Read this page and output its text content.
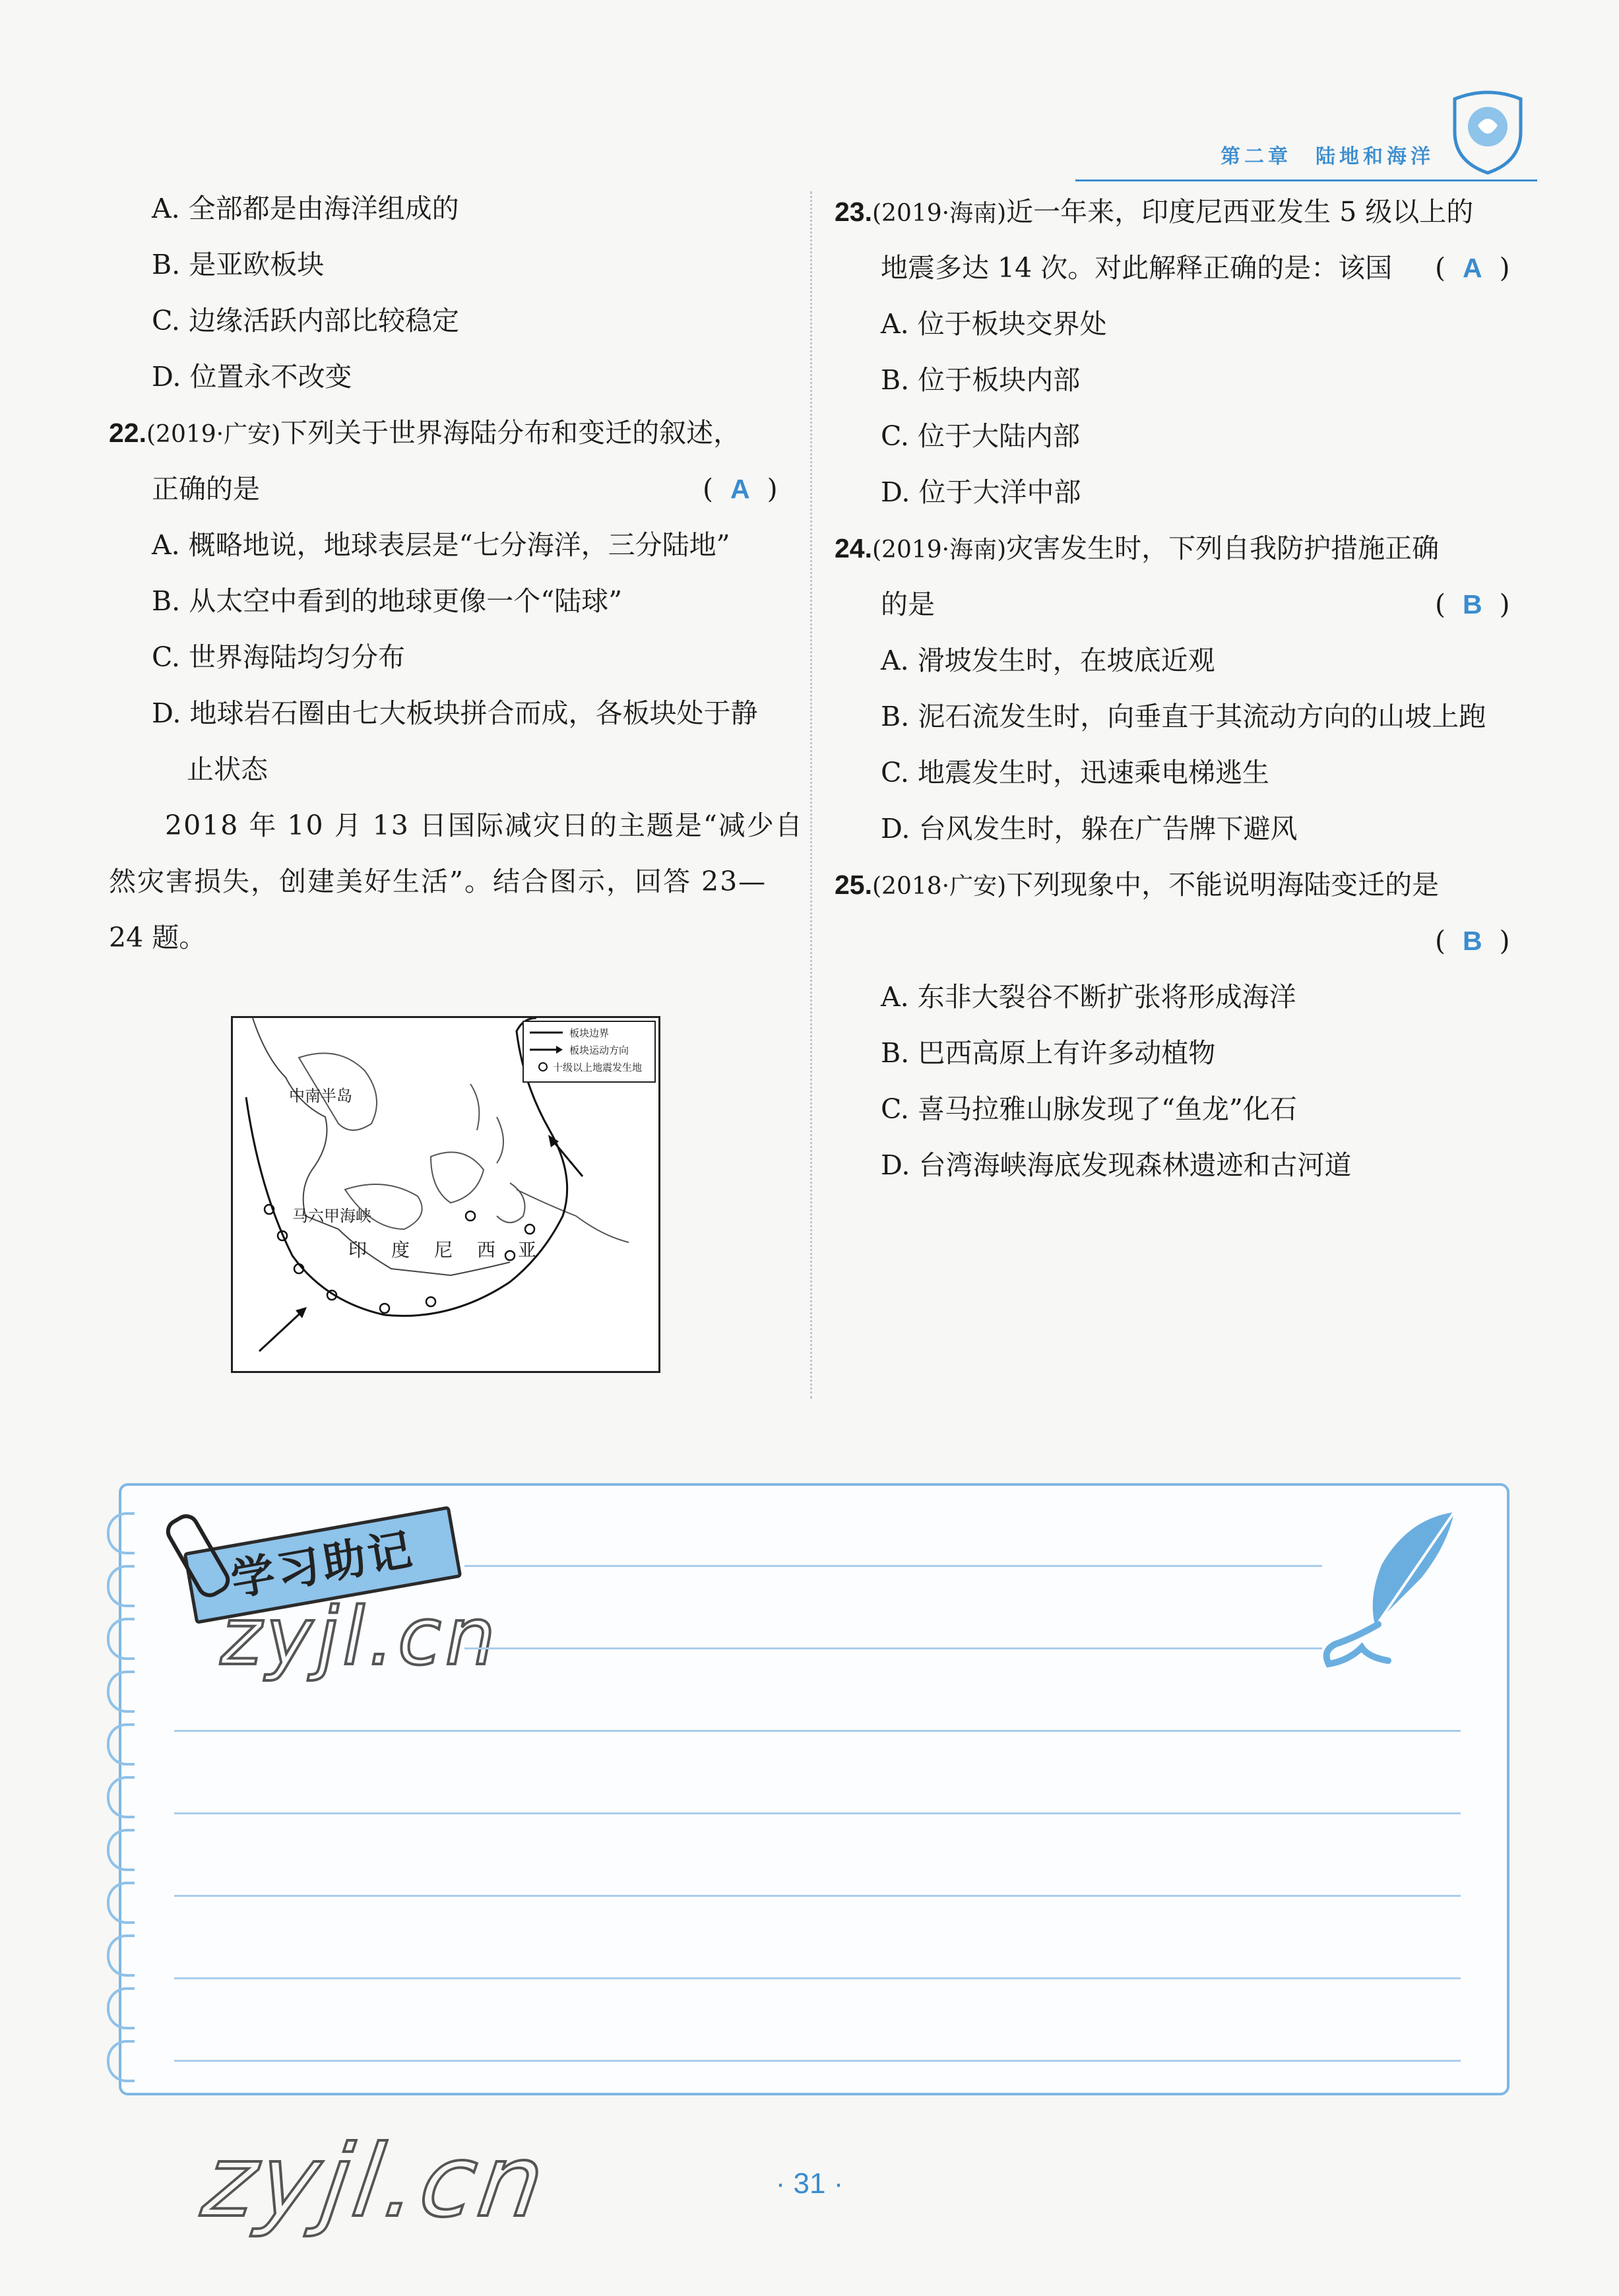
第二章　陆地和海洋
A. 全部都是由海洋组成的
B. 是亚欧板块
C. 边缘活跃内部比较稳定
D. 位置永不改变
22.(2019·广安)下列关于世界海陆分布和变迁的叙述，
正确的是	( A )
A. 概略地说，地球表层是“七分海洋，三分陆地”
B. 从太空中看到的地球更像一个“陆球”
C. 世界海陆均匀分布
D. 地球岩石圈由七大板块拼合而成，各板块处于静
止状态
2018 年 10 月 13 日国际减灾日的主题是“减少自
然灾害损失，创建美好生活”。结合图示，回答 23—
24 题。
板块边界
板块运动方向
十级以上地震发生地
中南半岛
马六甲海峡
印 度 尼 西 亚
23.(2019·海南)近一年来，印度尼西亚发生 5 级以上的
地震多达 14 次。对此解释正确的是：该国 ( A )
A. 位于板块交界处
B. 位于板块内部
C. 位于大陆内部
D. 位于大洋中部
24.(2019·海南)灾害发生时，下列自我防护措施正确
的是	( B )
A. 滑坡发生时，在坡底近观
B. 泥石流发生时，向垂直于其流动方向的山坡上跑
C. 地震发生时，迅速乘电梯逃生
D. 台风发生时，躲在广告牌下避风
25.(2018·广安)下列现象中，不能说明海陆变迁的是
( B )
A. 东非大裂谷不断扩张将形成海洋
B. 巴西高原上有许多动植物
C. 喜马拉雅山脉发现了“鱼龙”化石
D. 台湾海峡海底发现森林遗迹和古河道
学习助记
zyjl.cn
· 31 ·
zyjl.cn
